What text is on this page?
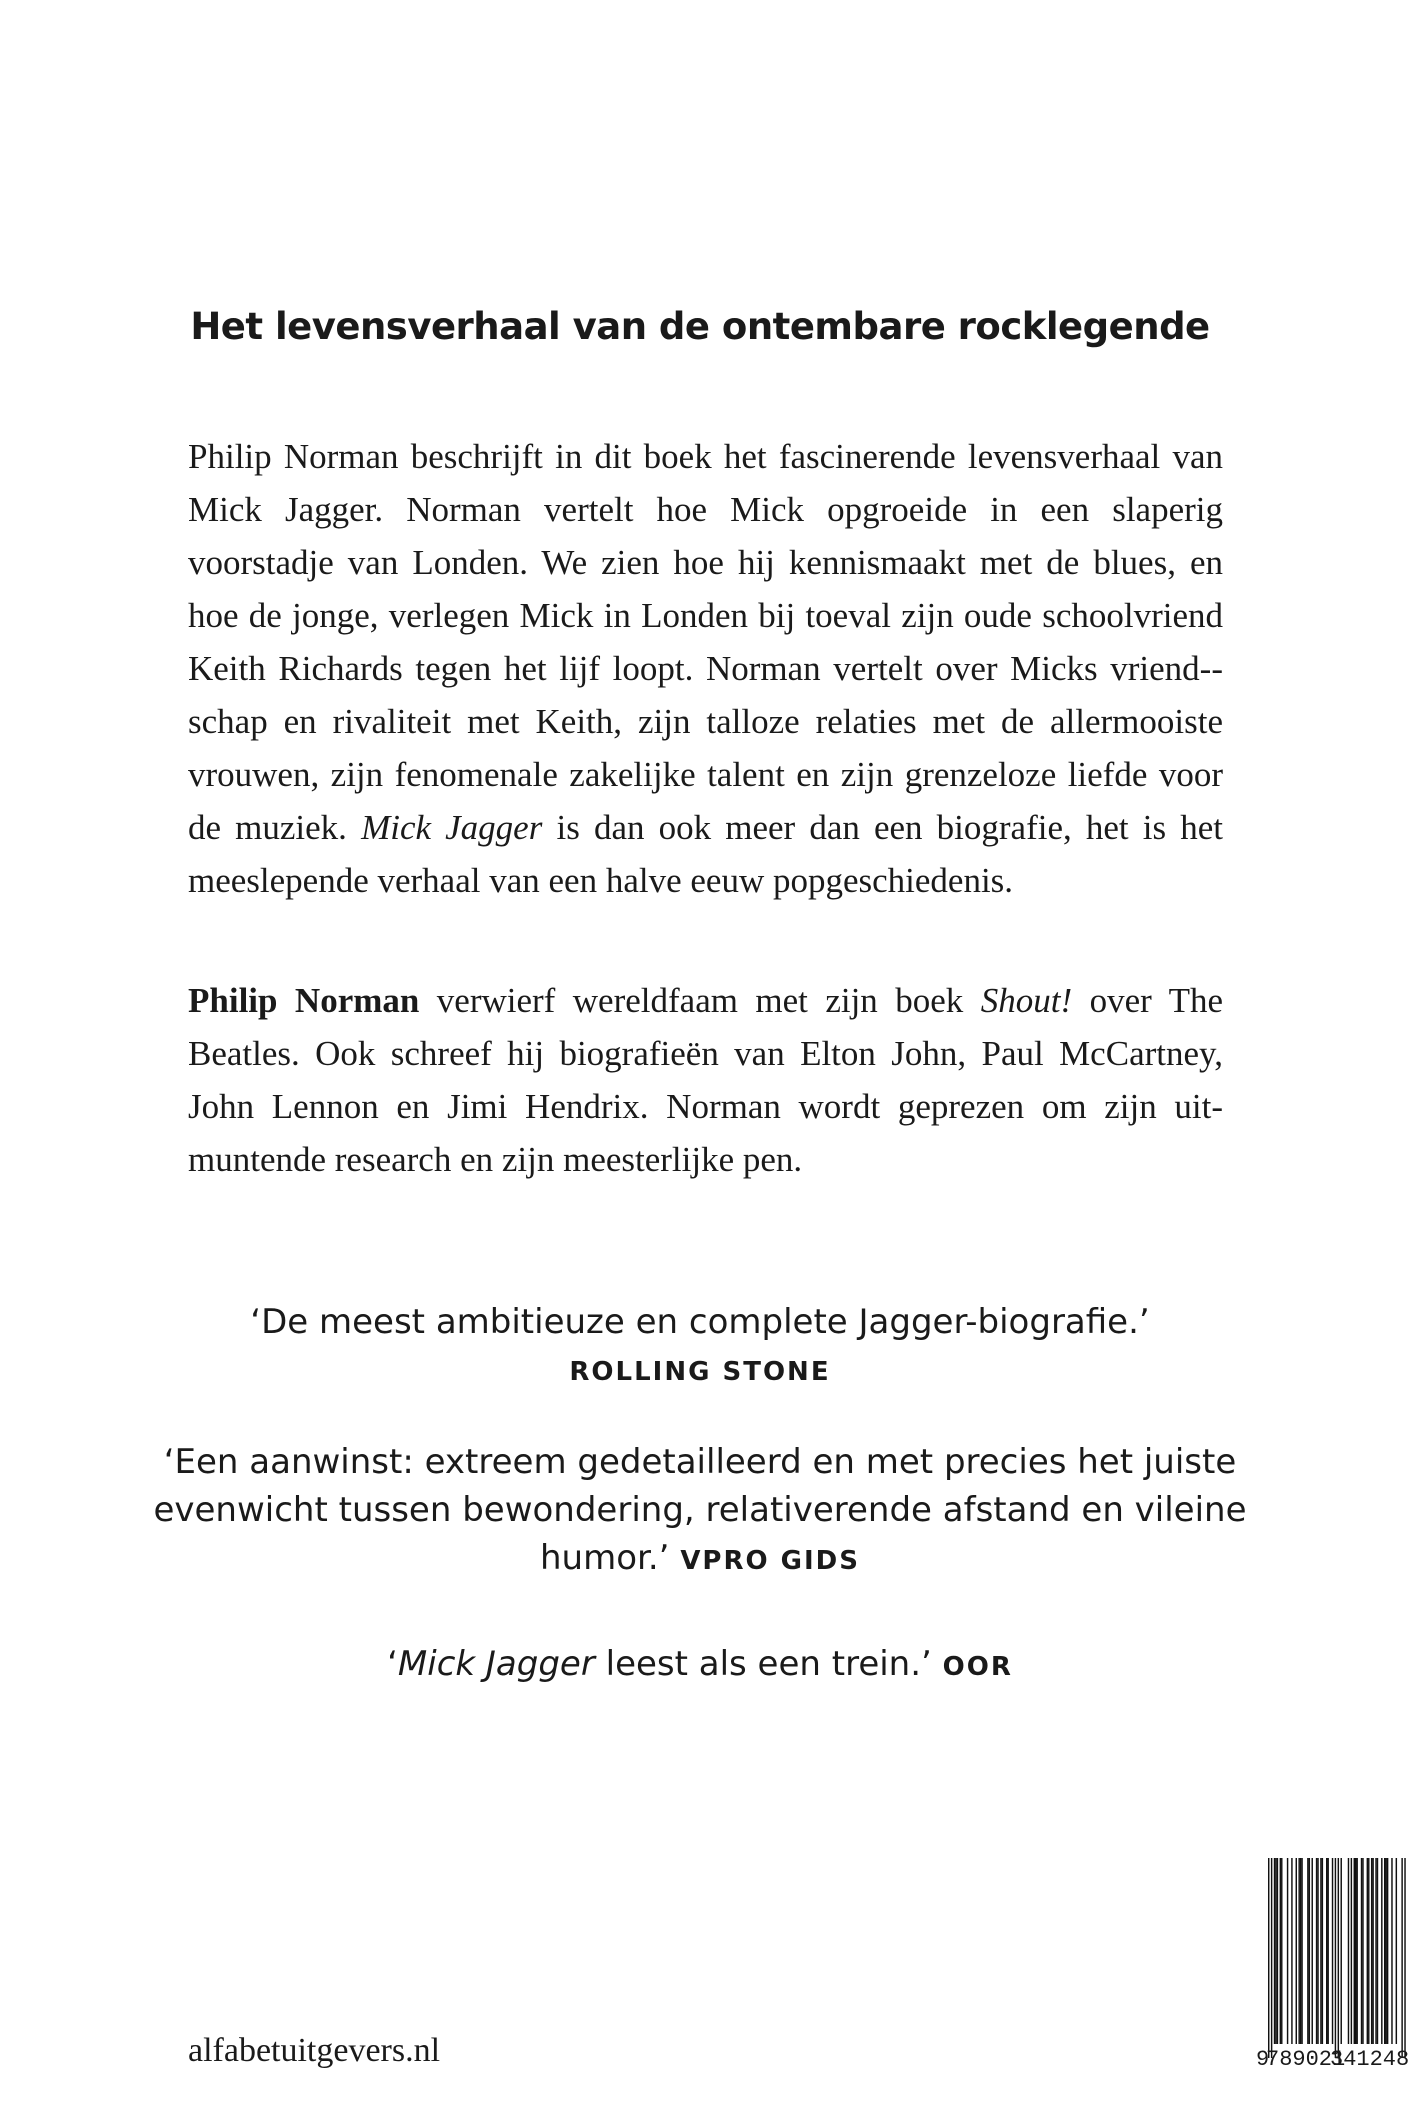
Het levensverhaal van de ontembare rocklegende
Philip Norman beschrijft in dit boek het fascinerende levensverhaal van Mick Jagger. Norman vertelt hoe Mick opgroeide in een slaperig voorstadje van Londen. We zien hoe hij kennismaakt met de blues, en hoe de jonge, verlegen Mick in Londen bij toeval zijn oude schoolvriend Keith Richards tegen het lijf loopt. Norman vertelt over Micks vriend-schap en rivaliteit met Keith, zijn talloze relaties met de allermooiste vrouwen, zijn fenomenale zakelijke talent en zijn grenzeloze liefde voor de muziek. Mick Jagger is dan ook meer dan een biografie, het is het meeslepende verhaal van een halve eeuw popgeschiedenis.
Philip Norman verwierf wereldfaam met zijn boek Shout! over The Beatles. Ook schreef hij biografieën van Elton John, Paul McCartney, John Lennon en Jimi Hendrix. Norman wordt geprezen om zijn uitmuntende research en zijn meesterlijke pen.
‘De meest ambitieuze en complete Jagger-biografie.’
ROLLING STONE
‘Een aanwinst: extreem gedetailleerd en met precies het juiste
evenwicht tussen bewondering, relativerende afstand en vileine
humor.’ VPRO GIDS
‘Mick Jagger leest als een trein.’ OOR
alfabetuitgevers.nl	9
789021
341248
